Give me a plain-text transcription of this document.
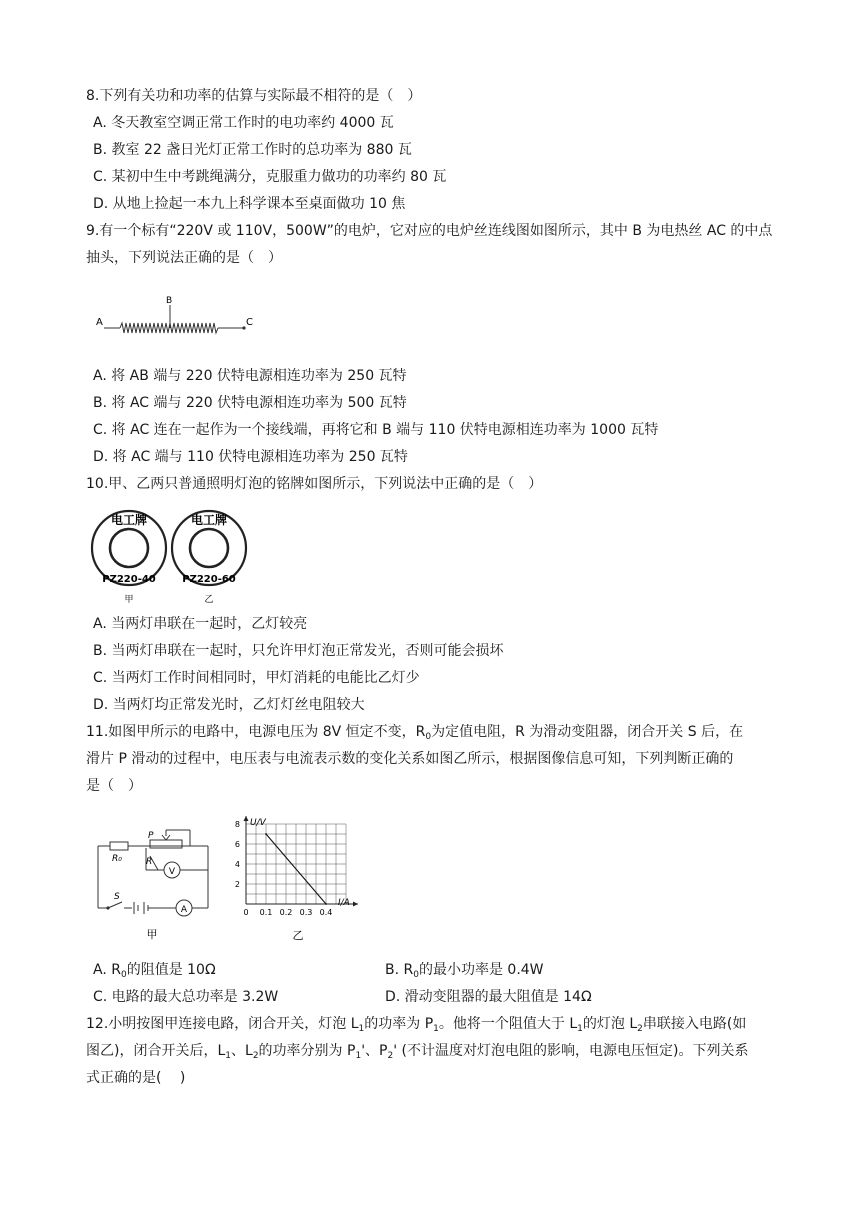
8.下列有关功和功率的估算与实际最不相符的是（　）
A. 冬天教室空调正常工作时的电功率约 4000 瓦
B. 教室 22 盏日光灯正常工作时的总功率为 880 瓦
C. 某初中生中考跳绳满分，克服重力做功的功率约 80 瓦
D. 从地上捡起一本九上科学课本至桌面做功 10 焦
9.有一个标有“220V 或 110V，500W”的电炉，它对应的电炉丝连线图如图所示，其中 B 为电热丝 AC 的中点
抽头，下列说法正确的是（　）
A
B
C
A. 将 AB 端与 220 伏特电源相连功率为 250 瓦特
B. 将 AC 端与 220 伏特电源相连功率为 500 瓦特
C. 将 AC 连在一起作为一个接线端，再将它和 B 端与 110 伏特电源相连功率为 1000 瓦特
D. 将 AC 端与 110 伏特电源相连功率为 250 瓦特
10.甲、乙两只普通照明灯泡的铭牌如图所示，下列说法中正确的是（　）
电工牌
PZ220-40
甲
电工牌
PZ220-60
乙
A. 当两灯串联在一起时，乙灯较亮
B. 当两灯串联在一起时，只允许甲灯泡正常发光，否则可能会损坏
C. 当两灯工作时间相同时，甲灯消耗的电能比乙灯少
D. 当两灯均正常发光时，乙灯灯丝电阻较大
11.如图甲所示的电路中，电源电压为 8V 恒定不变，$R_0$为定值电阻，R 为滑动变阻器，闭合开关 S 后，在
滑片 P 滑动的过程中，电压表与电流表示数的变化关系如图乙所示，根据图像信息可知，下列判断正确的
是（　）
P
R₀	R
V
A
S
甲
0 0.1 0.2 0.3 0.4
2
4
6
8 U/V
I/A
乙
A. $R_0$的阻值是 10Ω	B. $R_0$的最小功率是 0.4W
C. 电路的最大总功率是 3.2W	D. 滑动变阻器的最大阻值是 14Ω
12.小明按图甲连接电路，闭合开关，灯泡 $L_1$的功率为 $P_1$。他将一个阻值大于 $L_1$的灯泡 $L_2$串联接入电路(如
图乙)，闭合开关后，$L_1$、$L_2$的功率分别为 $P_1'$、$P_2'$ (不计温度对灯泡电阻的影响，电源电压恒定)。下列关系
式正确的是(　 )
